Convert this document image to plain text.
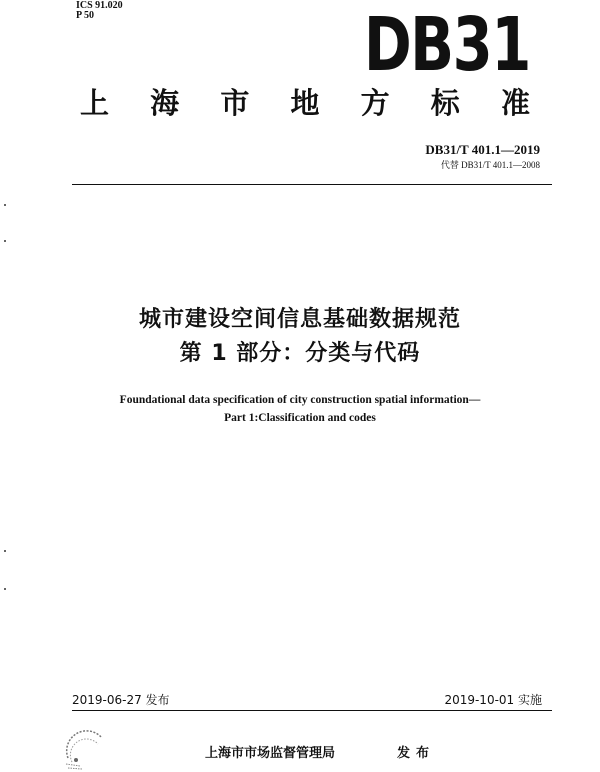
ICS 91.020
P 50	DB31
上 海 市 地 方 标 准
DB31/T 401.1—2019
代替 DB31/T 401.1—2008
城市建设空间信息基础数据规范
第 1 部分：分类与代码
Foundational data specification of city construction spatial information—
Part 1:Classification and codes
2019-06-27 发布	2019-10-01 实施
上海市市场监督管理局	发布
